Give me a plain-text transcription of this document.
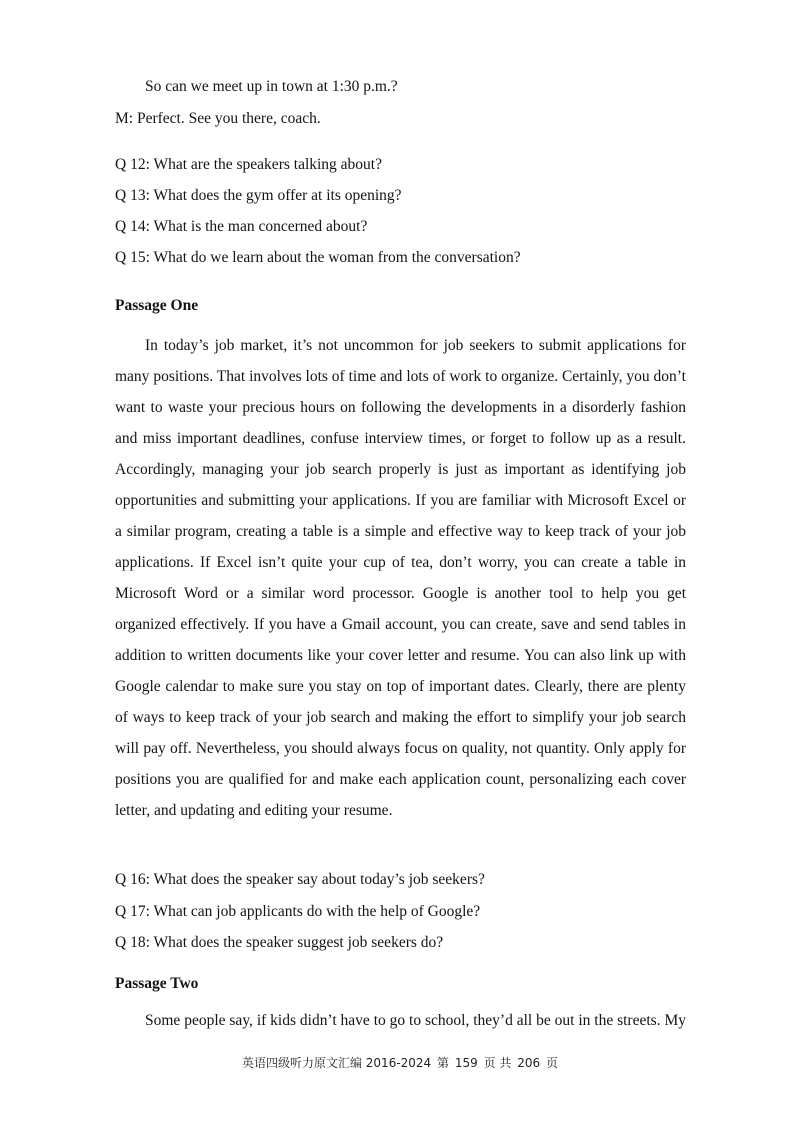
So can we meet up in town at 1:30 p.m.?
M: Perfect. See you there, coach.
Q 12: What are the speakers talking about?
Q 13: What does the gym offer at its opening?
Q 14: What is the man concerned about?
Q 15: What do we learn about the woman from the conversation?
Passage One
In today’s job market, it’s not uncommon for job seekers to submit applications for many positions. That involves lots of time and lots of work to organize. Certainly, you don’t want to waste your precious hours on following the developments in a disorderly fashion and miss important deadlines, confuse interview times, or forget to follow up as a result. Accordingly, managing your job search properly is just as important as identifying job opportunities and submitting your applications. If you are familiar with Microsoft Excel or a similar program, creating a table is a simple and effective way to keep track of your job applications. If Excel isn’t quite your cup of tea, don’t worry, you can create a table in Microsoft Word or a similar word processor. Google is another tool to help you get organized effectively. If you have a Gmail account, you can create, save and send tables in addition to written documents like your cover letter and resume. You can also link up with Google calendar to make sure you stay on top of important dates. Clearly, there are plenty of ways to keep track of your job search and making the effort to simplify your job search will pay off. Nevertheless, you should always focus on quality, not quantity. Only apply for positions you are qualified for and make each application count, personalizing each cover letter, and updating and editing your resume.
Q 16: What does the speaker say about today’s job seekers?
Q 17: What can job applicants do with the help of Google?
Q 18: What does the speaker suggest job seekers do?
Passage Two
Some people say, if kids didn’t have to go to school, they’d all be out in the streets. My
英语四级听力原文汇编 2016-2024 第 159 页 共 206 页
